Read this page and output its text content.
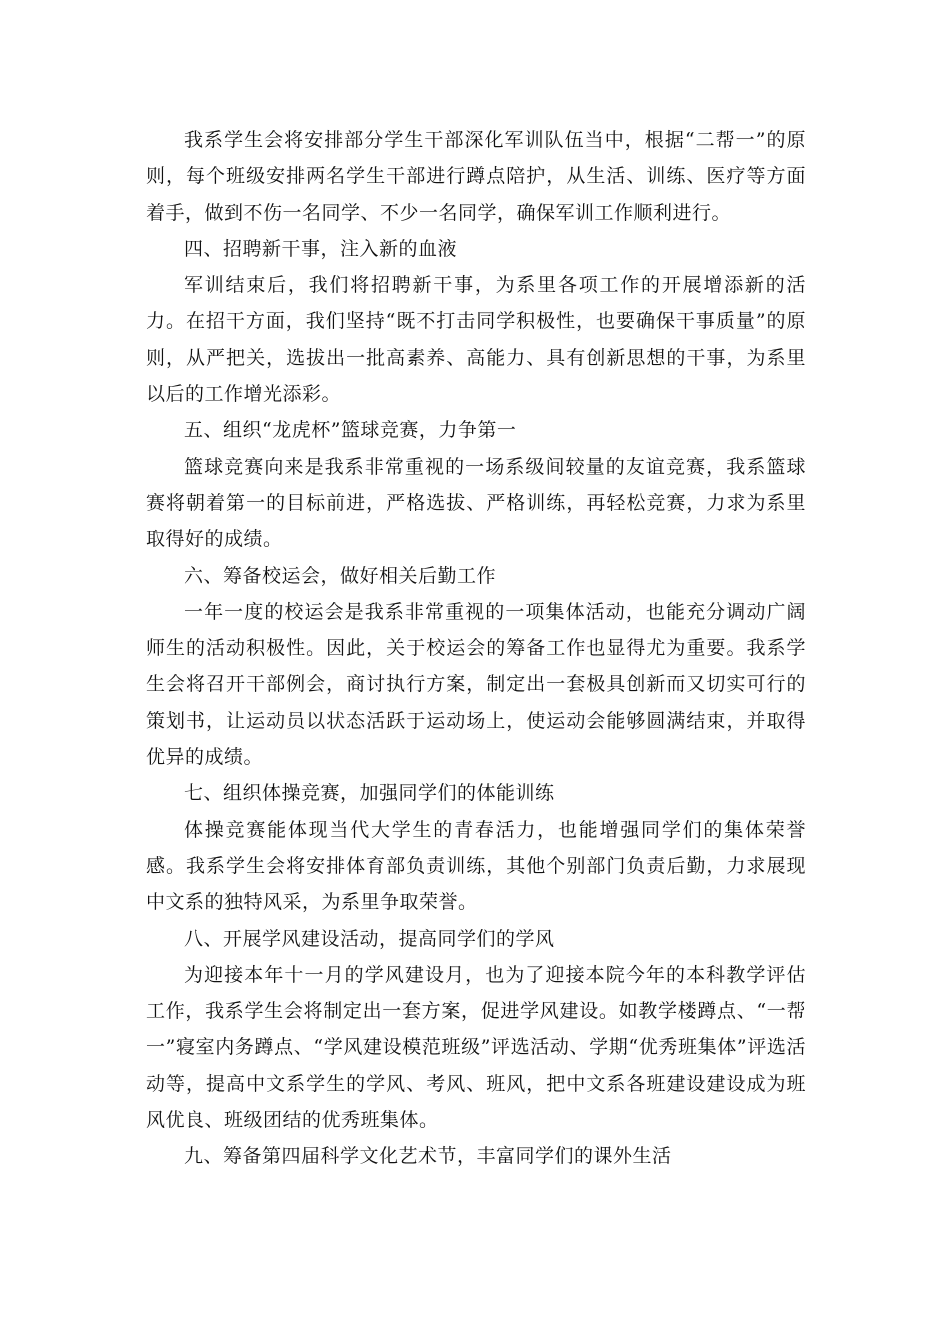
我系学生会将安排部分学生干部深化军训队伍当中，根据“二帮一”的原则，每个班级安排两名学生干部进行蹲点陪护，从生活、训练、医疗等方面着手，做到不伤一名同学、不少一名同学，确保军训工作顺利进行。

四、招聘新干事，注入新的血液

军训结束后，我们将招聘新干事，为系里各项工作的开展增添新的活力。在招干方面，我们坚持“既不打击同学积极性，也要确保干事质量”的原则，从严把关，选拔出一批高素养、高能力、具有创新思想的干事，为系里以后的工作增光添彩。

五、组织“龙虎杯”篮球竞赛，力争第一

篮球竞赛向来是我系非常重视的一场系级间较量的友谊竞赛，我系篮球赛将朝着第一的目标前进，严格选拔、严格训练，再轻松竞赛，力求为系里取得好的成绩。

六、筹备校运会，做好相关后勤工作

一年一度的校运会是我系非常重视的一项集体活动，也能充分调动广阔师生的活动积极性。因此，关于校运会的筹备工作也显得尤为重要。我系学生会将召开干部例会，商讨执行方案，制定出一套极具创新而又切实可行的策划书，让运动员以状态活跃于运动场上，使运动会能够圆满结束，并取得优异的成绩。

七、组织体操竞赛，加强同学们的体能训练

体操竞赛能体现当代大学生的青春活力，也能增强同学们的集体荣誉感。我系学生会将安排体育部负责训练，其他个别部门负责后勤，力求展现中文系的独特风采，为系里争取荣誉。

八、开展学风建设活动，提高同学们的学风

为迎接本年十一月的学风建设月，也为了迎接本院今年的本科教学评估工作，我系学生会将制定出一套方案，促进学风建设。如教学楼蹲点、“一帮一”寝室内务蹲点、“学风建设模范班级”评选活动、学期“优秀班集体”评选活动等，提高中文系学生的学风、考风、班风，把中文系各班建设建设成为班风优良、班级团结的优秀班集体。

九、筹备第四届科学文化艺术节，丰富同学们的课外生活
